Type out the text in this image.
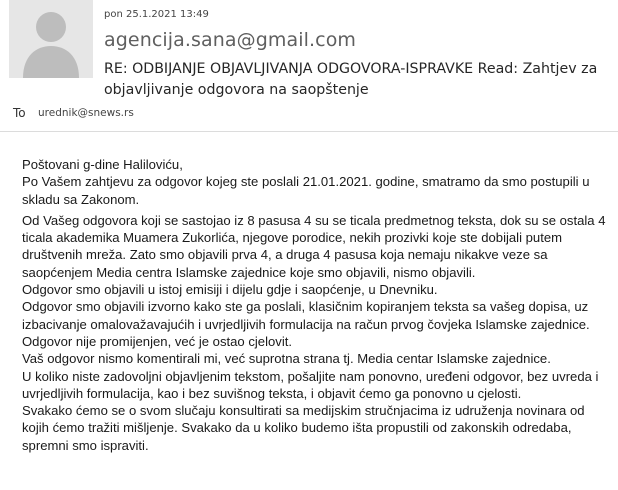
pon 25.1.2021 13:49
agencija.sana@gmail.com
RE: ODBIJANJE OBJAVLJIVANJA ODGOVORA-ISPRAVKE Read: Zahtjev za objavljivanje odgovora na saopštenje
To urednik@snews.rs

Poštovani g-dine Haliloviću,

Po Vašem zahtjevu za odgovor kojeg ste poslali 21.01.2021. godine, smatramo da smo postupili u skladu sa Zakonom.

Od Vašeg odgovora koji se sastojao iz 8 pasusa 4 su se ticala predmetnog teksta, dok su se ostala 4 ticala akademika Muamera Zukorlića, njegove porodice, nekih prozivki koje ste dobijali putem društvenih mreža. Zato smo objavili prva 4, a druga 4 pasusa koja nemaju nikakve veze sa saopćenjem Media centra Islamske zajednice koje smo objavili, nismo objavili.

Odgovor smo objavili u istoj emisiji i dijelu gdje i saopćenje, u Dnevniku.

Odgovor smo objavili izvorno kako ste ga poslali, klasičnim kopiranjem teksta sa vašeg dopisa, uz izbacivanje omalovažavajućih i uvrjedljivih formulacija na račun prvog čovjeka Islamske zajednice.

Odgovor nije promijenjen, već je ostao cjelovit.

Vaš odgovor nismo komentirali mi, već suprotna strana tj. Media centar Islamske zajednice.

U koliko niste zadovoljni objavljenim tekstom, pošaljite nam ponovno, uređeni odgovor, bez uvreda i uvrjedljivih formulacija, kao i bez suvišnog teksta, i objavit ćemo ga ponovno u cjelosti.

Svakako ćemo se o svom slučaju konsultirati sa medijskim stručnjacima iz udruženja novinara od kojih ćemo tražiti mišljenje. Svakako da u koliko budemo išta propustili od zakonskih odredaba, spremni smo ispraviti.
